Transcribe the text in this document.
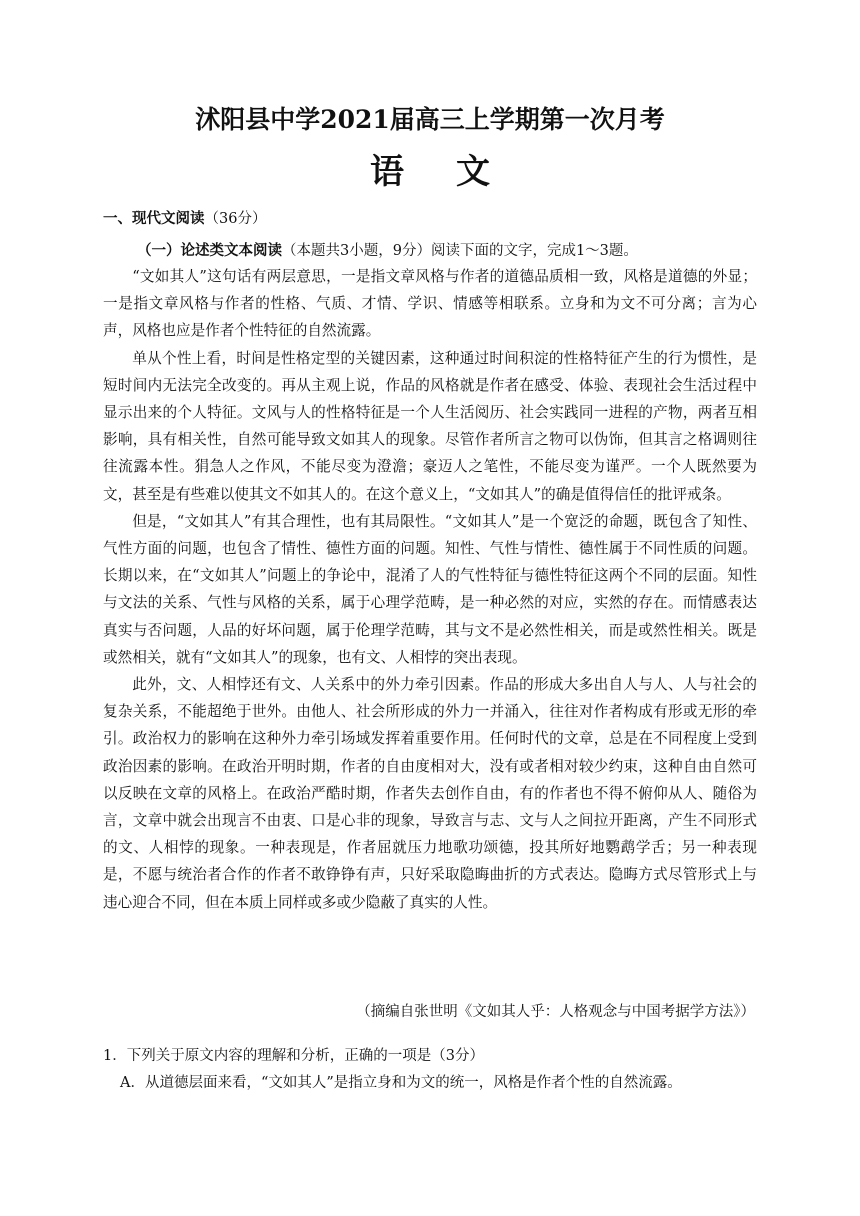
沭阳县中学2021届高三上学期第一次月考
语文
一、现代文阅读（36分）
（一）论述类文本阅读（本题共3小题，9分）阅读下面的文字，完成1～3题。

“文如其人”这句话有两层意思，一是指文章风格与作者的道德品质相一致，风格是道德的外显；一是指文章风格与作者的性格、气质、才情、学识、情感等相联系。立身和为文不可分离；言为心声，风格也应是作者个性特征的自然流露。

单从个性上看，时间是性格定型的关键因素，这种通过时间积淀的性格特征产生的行为惯性，是短时间内无法完全改变的。再从主观上说，作品的风格就是作者在感受、体验、表现社会生活过程中显示出来的个人特征。文风与人的性格特征是一个人生活阅历、社会实践同一进程的产物，两者互相影响，具有相关性，自然可能导致文如其人的现象。尽管作者所言之物可以伪饰，但其言之格调则往往流露本性。狷急人之作风，不能尽变为澄澹；豪迈人之笔性，不能尽变为谨严。一个人既然要为文，甚至是有些难以使其文不如其人的。在这个意义上，“文如其人”的确是值得信任的批评戒条。

但是，“文如其人”有其合理性，也有其局限性。“文如其人”是一个宽泛的命题，既包含了知性、气性方面的问题，也包含了情性、德性方面的问题。知性、气性与情性、德性属于不同性质的问题。长期以来，在“文如其人”问题上的争论中，混淆了人的气性特征与德性特征这两个不同的层面。知性与文法的关系、气性与风格的关系，属于心理学范畴，是一种必然的对应，实然的存在。而情感表达真实与否问题，人品的好坏问题，属于伦理学范畴，其与文不是必然性相关，而是或然性相关。既是或然相关，就有“文如其人”的现象，也有文、人相悖的突出表现。

此外，文、人相悖还有文、人关系中的外力牵引因素。作品的形成大多出自人与人、人与社会的复杂关系，不能超绝于世外。由他人、社会所形成的外力一并涌入，往往对作者构成有形或无形的牵引。政治权力的影响在这种外力牵引场域发挥着重要作用。任何时代的文章，总是在不同程度上受到政治因素的影响。在政治开明时期，作者的自由度相对大，没有或者相对较少约束，这种自由自然可以反映在文章的风格上。在政治严酷时期，作者失去创作自由，有的作者也不得不俯仰从人、随俗为言，文章中就会出现言不由衷、口是心非的现象，导致言与志、文与人之间拉开距离，产生不同形式的文、人相悖的现象。一种表现是，作者屈就压力地歌功颂德，投其所好地鹦鹉学舌；另一种表现是，不愿与统治者合作的作者不敢铮铮有声，只好采取隐晦曲折的方式表达。隐晦方式尽管形式上与违心迎合不同，但在本质上同样或多或少隐蔽了真实的人性。

（摘编自张世明《文如其人乎：人格观念与中国考据学方法》）
1．下列关于原文内容的理解和分析，正确的一项是（3分）
A．从道德层面来看，“文如其人”是指立身和为文的统一，风格是作者个性的自然流露。
